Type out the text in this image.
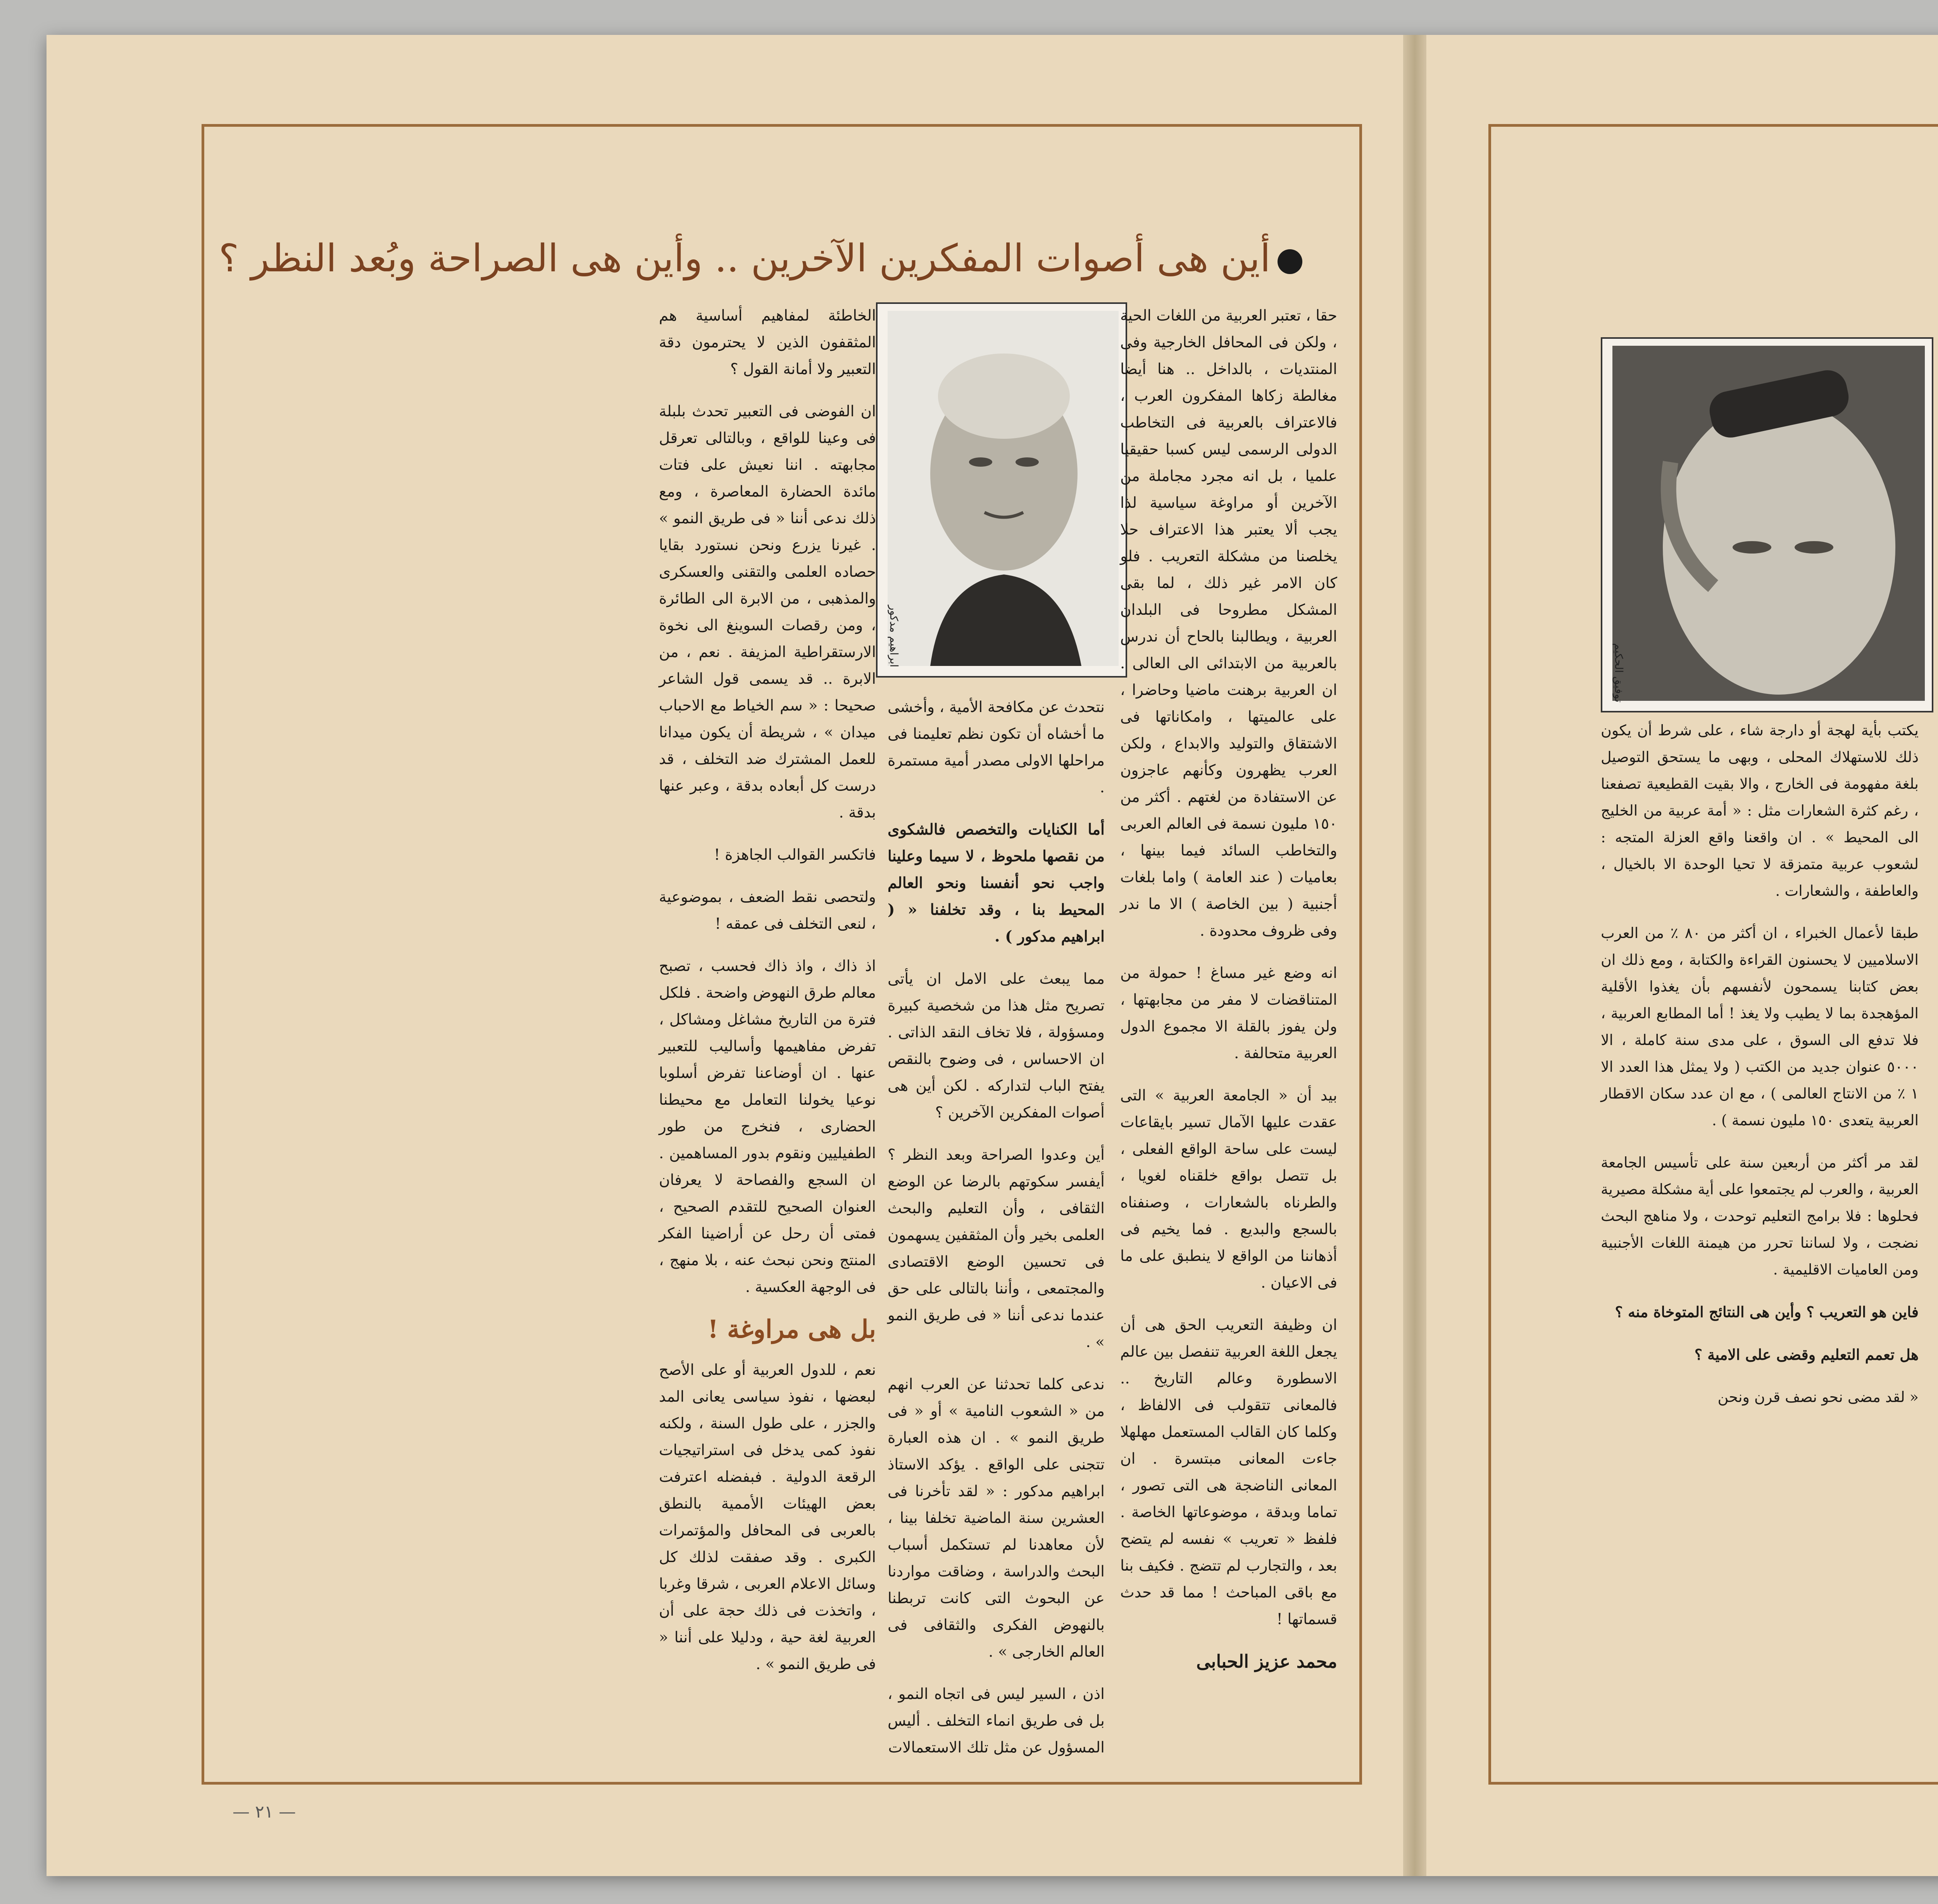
أين هى أصوات المفكرين الآخرين .. وأين هى الصراحة وبُعد النظر ؟
ابراهيم مدكور

حقا ، تعتبر العربية من اللغات الحية ، ولكن فى المحافل الخارجية وفى المنتديات ، بالداخل .. هنا أيضا مغالطة زكاها المفكرون العرب ، فالاعتراف بالعربية فى التخاطب الدولى الرسمى ليس كسبا حقيقيا علميا ، بل انه مجرد مجاملة من الآخرين أو مراوغة سياسية لذا يجب ألا يعتبر هذا الاعتراف حلا يخلصنا من مشكلة التعريب . فلو كان الامر غير ذلك ، لما بقى المشكل مطروحا فى البلدان العربية ، ويطالبنا بالحاح أن ندرس بالعربية من الابتدائى الى العالى . ان العربية برهنت ماضيا وحاضرا ، على عالميتها ، وامكاناتها فى الاشتقاق والتوليد والابداع ، ولكن العرب يظهرون وكأنهم عاجزون عن الاستفادة من لغتهم . أكثر من ١٥٠ مليون نسمة فى العالم العربى والتخاطب السائد فيما بينها ، بعاميات ( عند العامة ) واما بلغات أجنبية ( بين الخاصة ) الا ما ندر وفى ظروف محدودة .

انه وضع غير مساغ ! حمولة من المتناقضات لا مفر من مجابهتها ، ولن يفوز بالقلة الا مجموع الدول العربية متحالفة .

بيد أن « الجامعة العربية » التى عقدت عليها الآمال تسير بايقاعات ليست على ساحة الواقع الفعلى ، بل تتصل بواقع خلقناه لغويا ، والطرناه بالشعارات ، وصنفناه بالسجع والبديع . فما يخيم فى أذهاننا من الواقع لا ينطبق على ما فى الاعيان .

ان وظيفة التعريب الحق هى أن يجعل اللغة العربية تنفصل بين عالم الاسطورة وعالم التاريخ .. فالمعانى تتقولب فى الالفاظ ، وكلما كان القالب المستعمل مهلهلا جاءت المعانى مبتسرة . ان المعانى الناضجة هى التى تصور ، تماما وبدقة ، موضوعاتها الخاصة . فلفظ « تعريب » نفسه لم يتضح بعد ، والتجارب لم تتضج . فكيف بنا مع باقى المباحث ! مما قد حدث قسماتها !

محمد عزيز الحبابى

الخاطئة لمفاهيم أساسية هم المثقفون الذين لا يحترمون دقة التعبير ولا أمانة القول ؟

ان الفوضى فى التعبير تحدث بلبلة فى وعينا للواقع ، وبالتالى تعرقل مجابهته . اننا نعيش على فتات مائدة الحضارة المعاصرة ، ومع ذلك ندعى أننا « فى طريق النمو » . غيرنا يزرع ونحن نستورد بقايا حصاده العلمى والتقنى والعسكرى والمذهبى ، من الابرة الى الطائرة ، ومن رقصات السوينغ الى نخوة الارستقراطية المزيفة . نعم ، من الابرة .. قد يسمى قول الشاعر صحيحا : « سم الخياط مع الاحباب ميدان » ، شريطة أن يكون ميدانا للعمل المشترك ضد التخلف ، قد درست كل أبعاده بدقة ، وعبر عنها بدقة .

فاتكسر القوالب الجاهزة !

ولتحصى نقط الضعف ، بموضوعية ، لنعى التخلف فى عمقه !

اذ ذاك ، واذ ذاك فحسب ، تصبح معالم طرق النهوض واضحة . فلكل فترة من التاريخ مشاغل ومشاكل ، تفرض مفاهيمها وأساليب للتعبير عنها . ان أوضاعنا تفرض أسلوبا نوعيا يخولنا التعامل مع محيطنا الحضارى ، فنخرج من طور الطفيليين ونقوم بدور المساهمين . ان السجع والفصاحة لا يعرفان العنوان الصحيح للتقدم الصحيح ، فمتى أن رحل عن أراضينا الفكر المنتج ونحن نبحث عنه ، بلا منهج ، فى الوجهة العكسية .

بل هى مراوغة !

نعم ، للدول العربية أو على الأصح لبعضها ، نفوذ سياسى يعانى المد والجزر ، على طول السنة ، ولكنه نفوذ كمى يدخل فى استراتيجيات الرقعة الدولية . فبفضله اعترفت بعض الهيئات الأممية بالنطق بالعربى فى المحافل والمؤتمرات الكبرى . وقد صفقت لذلك كل وسائل الاعلام العربى ، شرقا وغربا ، واتخذت فى ذلك حجة على أن العربية لغة حية ، ودليلا على أننا « فى طريق النمو » .

نتحدث عن مكافحة الأمية ، وأخشى ما أخشاه أن تكون نظم تعليمنا فى مراحلها الاولى مصدر أمية مستمرة .

أما الكنايات والتخصص فالشكوى من نقصها ملحوظ ، لا سيما وعلينا واجب نحو أنفسنا ونحو العالم المحيط بنا ، وقد تخلفنا « ( ابراهيم مدكور ) .

مما يبعث على الامل ان يأتى تصريح مثل هذا من شخصية كبيرة ومسؤولة ، فلا تخاف النقد الذاتى . ان الاحساس ، فى وضوح بالنقص يفتح الباب لتداركه . لكن أين هى أصوات المفكرين الآخرين ؟

أين وعدوا الصراحة وبعد النظر ؟ أيفسر سكوتهم بالرضا عن الوضع الثقافى ، وأن التعليم والبحث العلمى بخير وأن المثقفين يسهمون فى تحسين الوضع الاقتصادى والمجتمعى ، وأننا بالتالى على حق عندما ندعى أننا « فى طريق النمو » .

ندعى كلما تحدثنا عن العرب انهم من « الشعوب النامية » أو « فى طريق النمو » . ان هذه العبارة تتجنى على الواقع . يؤكد الاستاذ ابراهيم مدكور : « لقد تأخرنا فى العشرين سنة الماضية تخلفا بينا ، لأن معاهدنا لم تستكمل أسباب البحث والدراسة ، وضاقت مواردنا عن البحوث التى كانت تربطنا بالنهوض الفكرى والثقافى فى العالم الخارجى » .

اذن ، السير ليس فى اتجاه النمو ، بل فى طريق انماء التخلف . أليس المسؤول عن مثل تلك الاستعمالات

— ٢١ —
توفيق الحكيم

يكتب بأية لهجة أو دارجة شاء ، على شرط أن يكون ذلك للاستهلاك المحلى ، وبهى ما يستحق التوصيل بلغة مفهومة فى الخارج ، والا بقيت القطيعية تصفعنا ، رغم كثرة الشعارات مثل : « أمة عربية من الخليج الى المحيط » . ان واقعنا واقع العزلة المتجه : لشعوب عربية متمزقة لا تحيا الوحدة الا بالخيال ، والعاطفة ، والشعارات .

طبقا لأعمال الخبراء ، ان أكثر من ٨٠ ٪ من العرب الاسلاميين لا يحسنون القراءة والكتابة ، ومع ذلك ان بعض كتابنا يسمحون لأنفسهم بأن يغذوا الأقلية المؤهجدة بما لا يطيب ولا يغذ ! أما المطابع العربية ، فلا تدفع الى السوق ، على مدى سنة كاملة ، الا ٥٠٠٠ عنوان جديد من الكتب ( ولا يمثل هذا العدد الا ١ ٪ من الانتاج العالمى ) ، مع ان عدد سكان الاقطار العربية يتعدى ١٥٠ مليون نسمة ) .

لقد مر أكثر من أربعين سنة على تأسيس الجامعة العربية ، والعرب لم يجتمعوا على أية مشكلة مصيرية فحلوها : فلا برامج التعليم توحدت ، ولا مناهج البحث نضجت ، ولا لساننا تحرر من هيمنة اللغات الأجنبية ومن العاميات الاقليمية .

فاين هو التعريب ؟ وأين هى النتائج المتوخاة منه ؟

هل تعمم التعليم وقضى على الامية ؟

« لقد مضى نحو نصف قرن ونحن
